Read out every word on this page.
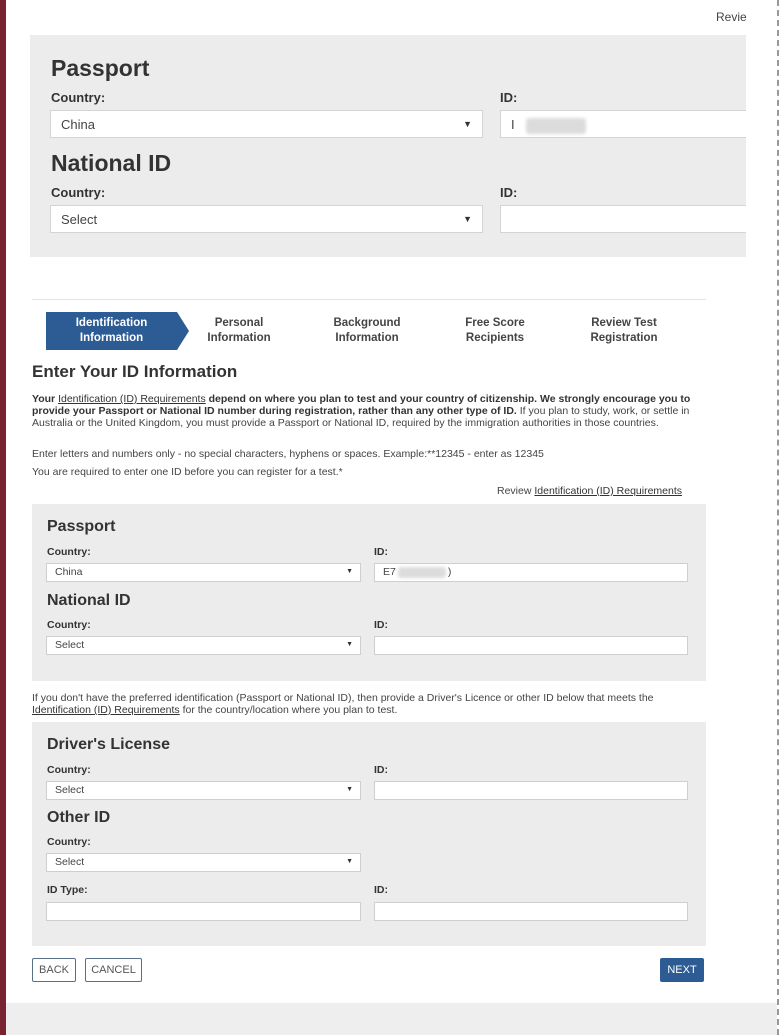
Revie
Passport
Country:	ID:
China	▼	I
National ID
Country:	ID:
Select	▼
Identification Information
Personal Information
Background Information
Free Score Recipients
Review Test Registration
Enter Your ID Information
Your Identification (ID) Requirements depend on where you plan to test and your country of citizenship. We strongly encourage you to provide your Passport or National ID number during registration, rather than any other type of ID. If you plan to study, work, or settle in Australia or the United Kingdom, you must provide a Passport or National ID, required by the immigration authorities in those countries.
Enter letters and numbers only - no special characters, hyphens or spaces. Example:**12345 - enter as 12345
You are required to enter one ID before you can register for a test.*
Review Identification (ID) Requirements
Passport
Country:	ID:
China	▼	E7	)
National ID
Country:	ID:
Select	▼
If you don't have the preferred identification (Passport or National ID), then provide a Driver's Licence or other ID below that meets the Identification (ID) Requirements for the country/location where you plan to test.
Driver's License
Country:	ID:
Select	▼
Other ID
Country:
Select	▼
ID Type:	ID:
BACK	CANCEL	NEXT
